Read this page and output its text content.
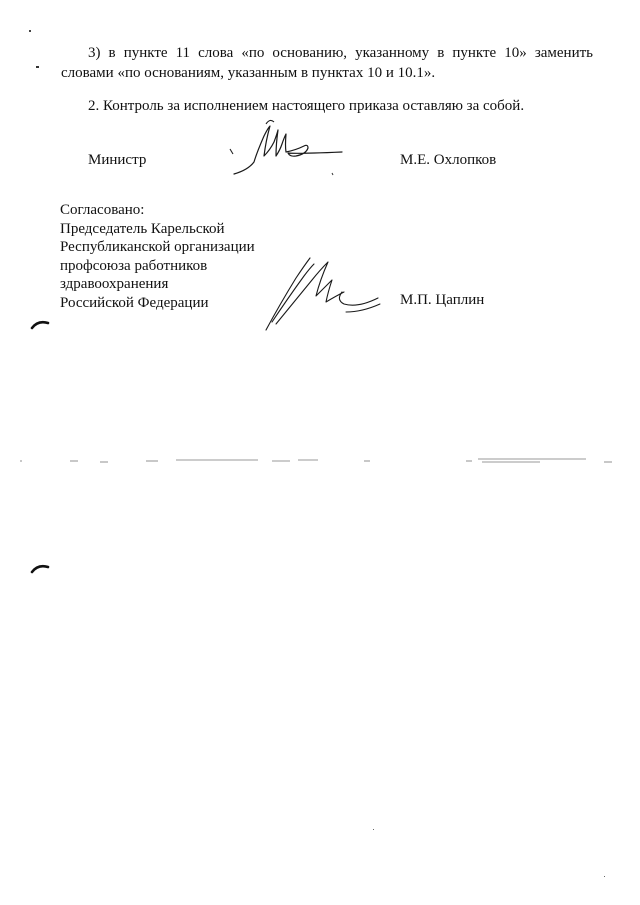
3) в пункте 11 слова «по основанию, указанному в пункте 10» заменить словами «по основаниям, указанным в пунктах 10 и 10.1».
2. Контроль за исполнением настоящего приказа оставляю за собой.
Министр	М.Е. Охлопков
Согласовано:
Председатель Карельской
Республиканской организации
профсоюза работников
здравоохранения
Российской Федерации	М.П. Цаплин
